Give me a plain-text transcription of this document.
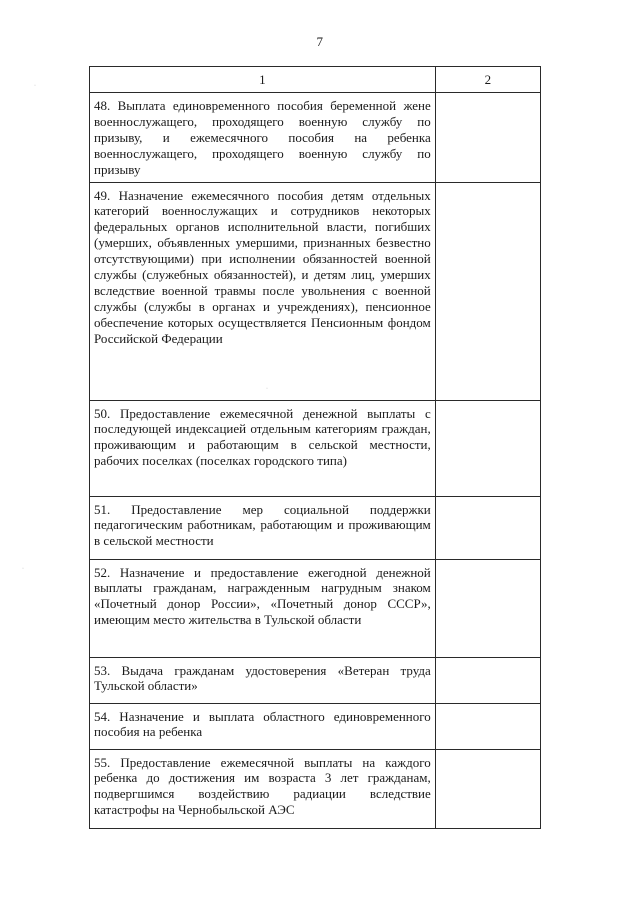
7
·
·
·
1	2

48. Выплата единовременного пособия беременной жене военнослужащего, проходящего военную службу по призыву, и ежемесячного пособия на ребенка военнослужащего, проходящего военную службу по призыву	

49. Назначение ежемесячного пособия детям отдельных категорий военнослужащих и сотрудников некоторых федеральных органов исполнительной власти, погибших (умерших, объявленных умершими, признанных безвестно отсутствующими) при исполнении обязанностей военной службы (служебных обязанностей), и детям лиц, умерших вследствие военной травмы после увольнения с военной службы (службы в органах и учреждениях), пенсионное обеспечение которых осуществляется Пенсионным фондом Российской Федерации	

50. Предоставление ежемесячной денежной выплаты с последующей индексацией отдельным категориям граждан, проживающим и работающим в сельской местности, рабочих поселках (поселках городского типа)	

51. Предоставление мер социальной поддержки педагогическим работникам, работающим и проживающим в сельской местности	

52. Назначение и предоставление ежегодной денежной выплаты гражданам, награжденным нагрудным знаком «Почетный донор России», «Почетный донор СССР», имеющим место жительства в Тульской области	

53. Выдача гражданам удостоверения «Ветеран труда Тульской области»	

54. Назначение и выплата областного единовременного пособия на ребенка	

55. Предоставление ежемесячной выплаты на каждого ребенка до достижения им возраста 3 лет гражданам, подвергшимся воздействию радиации вследствие катастрофы на Чернобыльской АЭС	
